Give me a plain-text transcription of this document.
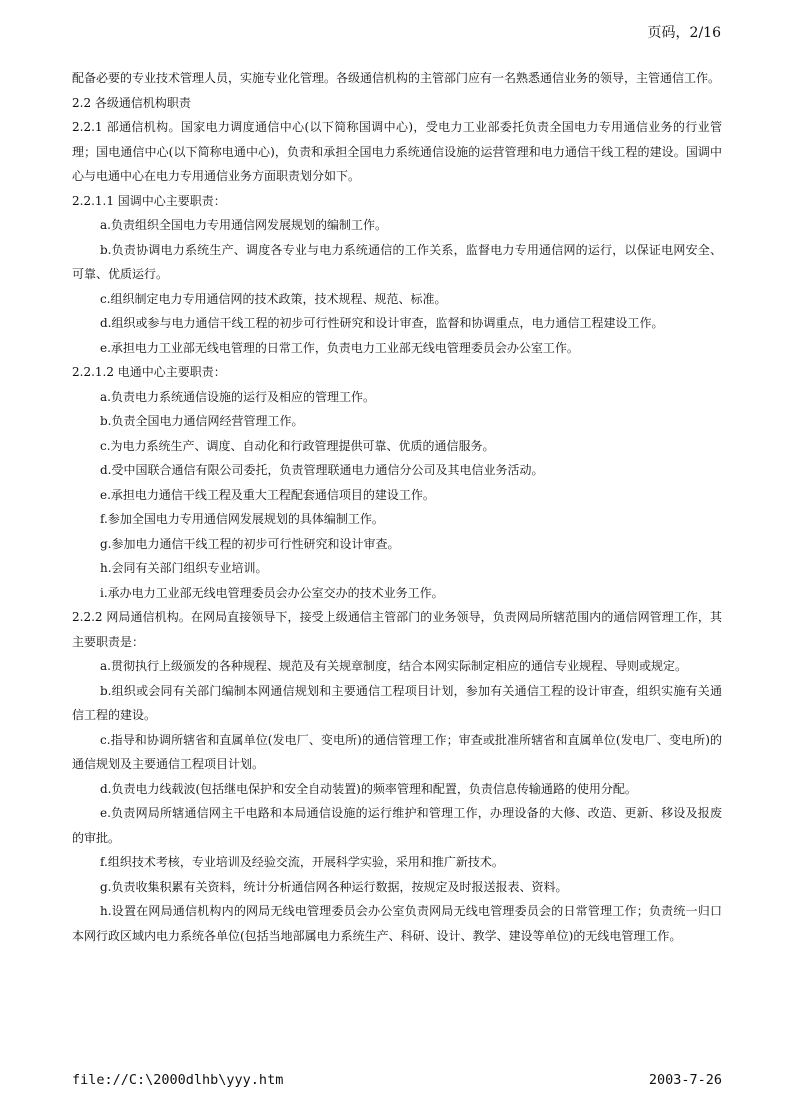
页码，2/16

配备必要的专业技术管理人员，实施专业化管理。各级通信机构的主管部门应有一名熟悉通信业务的领导，主管通信工作。

2.2 各级通信机构职责

2.2.1 部通信机构。国家电力调度通信中心(以下简称国调中心)，受电力工业部委托负责全国电力专用通信业务的行业管理；国电通信中心(以下简称电通中心)，负责和承担全国电力系统通信设施的运营管理和电力通信干线工程的建设。国调中心与电通中心在电力专用通信业务方面职责划分如下。

2.2.1.1 国调中心主要职责：

a.负责组织全国电力专用通信网发展规划的编制工作。

b.负责协调电力系统生产、调度各专业与电力系统通信的工作关系，监督电力专用通信网的运行，以保证电网安全、可靠、优质运行。

c.组织制定电力专用通信网的技术政策，技术规程、规范、标准。

d.组织或参与电力通信干线工程的初步可行性研究和设计审查，监督和协调重点，电力通信工程建设工作。

e.承担电力工业部无线电管理的日常工作，负责电力工业部无线电管理委员会办公室工作。

2.2.1.2 电通中心主要职责：

a.负责电力系统通信设施的运行及相应的管理工作。

b.负责全国电力通信网经营管理工作。

c.为电力系统生产、调度、自动化和行政管理提供可靠、优质的通信服务。

d.受中国联合通信有限公司委托，负责管理联通电力通信分公司及其电信业务活动。

e.承担电力通信干线工程及重大工程配套通信项目的建设工作。

f.参加全国电力专用通信网发展规划的具体编制工作。

g.参加电力通信干线工程的初步可行性研究和设计审查。

h.会同有关部门组织专业培训。

i.承办电力工业部无线电管理委员会办公室交办的技术业务工作。

2.2.2 网局通信机构。在网局直接领导下，接受上级通信主管部门的业务领导，负责网局所辖范围内的通信网管理工作，其主要职责是：

a.贯彻执行上级颁发的各种规程、规范及有关规章制度，结合本网实际制定相应的通信专业规程、导则或规定。

b.组织或会同有关部门编制本网通信规划和主要通信工程项目计划，参加有关通信工程的设计审查，组织实施有关通信工程的建设。

c.指导和协调所辖省和直属单位(发电厂、变电所)的通信管理工作；审查或批准所辖省和直属单位(发电厂、变电所)的通信规划及主要通信工程项目计划。

d.负责电力线载波(包括继电保护和安全自动装置)的频率管理和配置，负责信息传输通路的使用分配。

e.负责网局所辖通信网主干电路和本局通信设施的运行维护和管理工作，办理设备的大修、改造、更新、移设及报废的审批。

f.组织技术考核，专业培训及经验交流，开展科学实验，采用和推广新技术。

g.负责收集积累有关资料，统计分析通信网各种运行数据，按规定及时报送报表、资料。

h.设置在网局通信机构内的网局无线电管理委员会办公室负责网局无线电管理委员会的日常管理工作；负责统一归口本网行政区域内电力系统各单位(包括当地部属电力系统生产、科研、设计、教学、建设等单位)的无线电管理工作。

file://C:\2000dlhb\yyy.htm	2003-7-26
